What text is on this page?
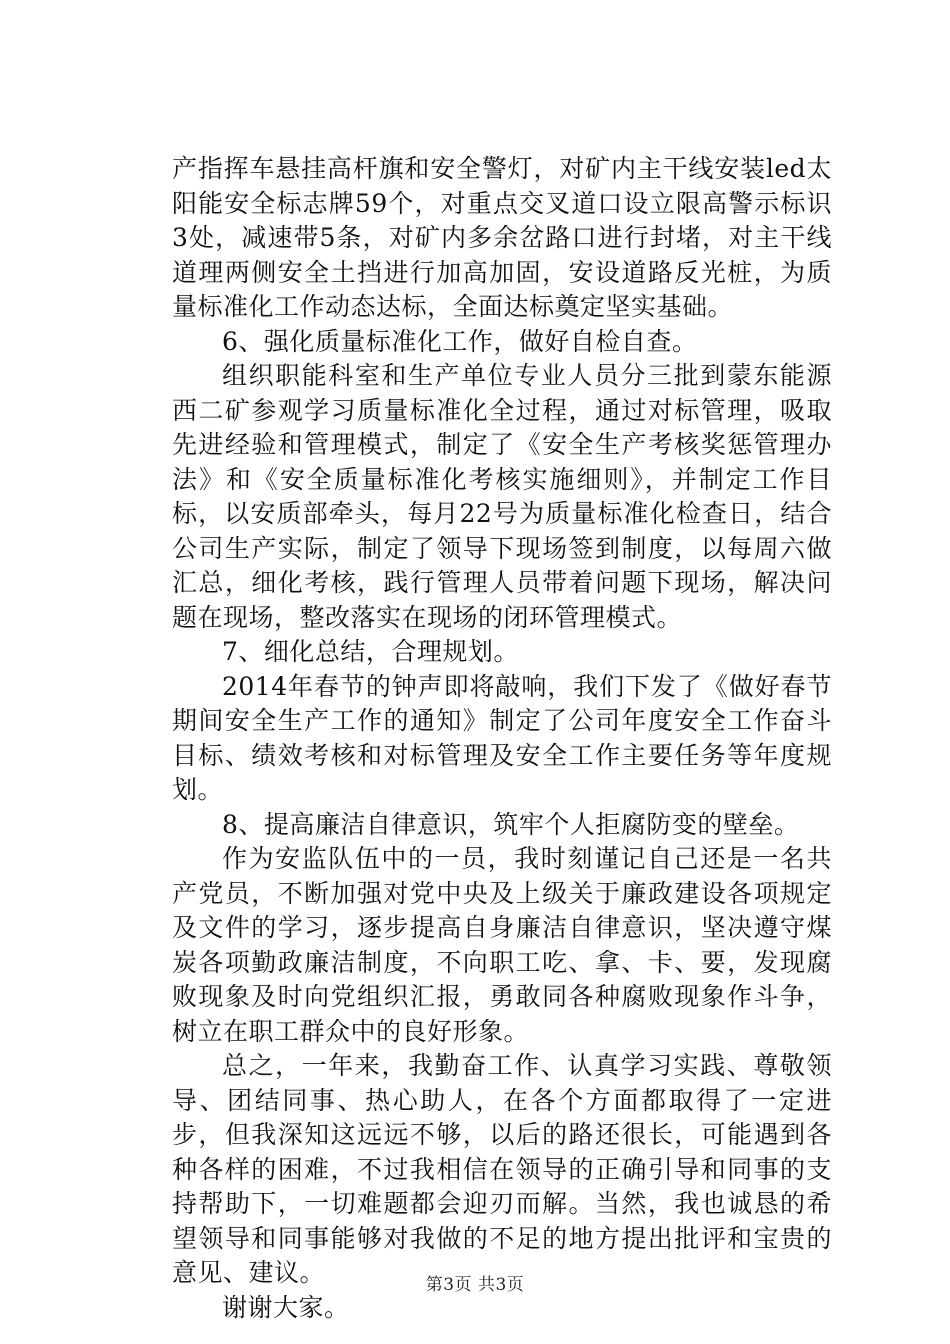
产指挥车悬挂高杆旗和安全警灯，对矿内主干线安装led太阳能安全标志牌59个，对重点交叉道口设立限高警示标识3处，减速带5条，对矿内多余岔路口进行封堵，对主干线道理两侧安全土挡进行加高加固，安设道路反光桩，为质量标准化工作动态达标，全面达标奠定坚实基础。

6、强化质量标准化工作，做好自检自查。

组织职能科室和生产单位专业人员分三批到蒙东能源西二矿参观学习质量标准化全过程，通过对标管理，吸取先进经验和管理模式，制定了《安全生产考核奖惩管理办法》和《安全质量标准化考核实施细则》，并制定工作目标，以安质部牵头，每月22号为质量标准化检查日，结合公司生产实际，制定了领导下现场签到制度，以每周六做汇总，细化考核，践行管理人员带着问题下现场，解决问题在现场，整改落实在现场的闭环管理模式。

7、细化总结，合理规划。

2014年春节的钟声即将敲响，我们下发了《做好春节期间安全生产工作的通知》制定了公司年度安全工作奋斗目标、绩效考核和对标管理及安全工作主要任务等年度规划。

8、提高廉洁自律意识，筑牢个人拒腐防变的壁垒。

作为安监队伍中的一员，我时刻谨记自己还是一名共产党员，不断加强对党中央及上级关于廉政建设各项规定及文件的学习，逐步提高自身廉洁自律意识，坚决遵守煤炭各项勤政廉洁制度，不向职工吃、拿、卡、要，发现腐败现象及时向党组织汇报，勇敢同各种腐败现象作斗争，树立在职工群众中的良好形象。

总之，一年来，我勤奋工作、认真学习实践、尊敬领导、团结同事、热心助人，在各个方面都取得了一定进步，但我深知这远远不够，以后的路还很长，可能遇到各种各样的困难，不过我相信在领导的正确引导和同事的支持帮助下，一切难题都会迎刃而解。当然，我也诚恳的希望领导和同事能够对我做的不足的地方提出批评和宝贵的意见、建议。

谢谢大家。

第3页 共3页
